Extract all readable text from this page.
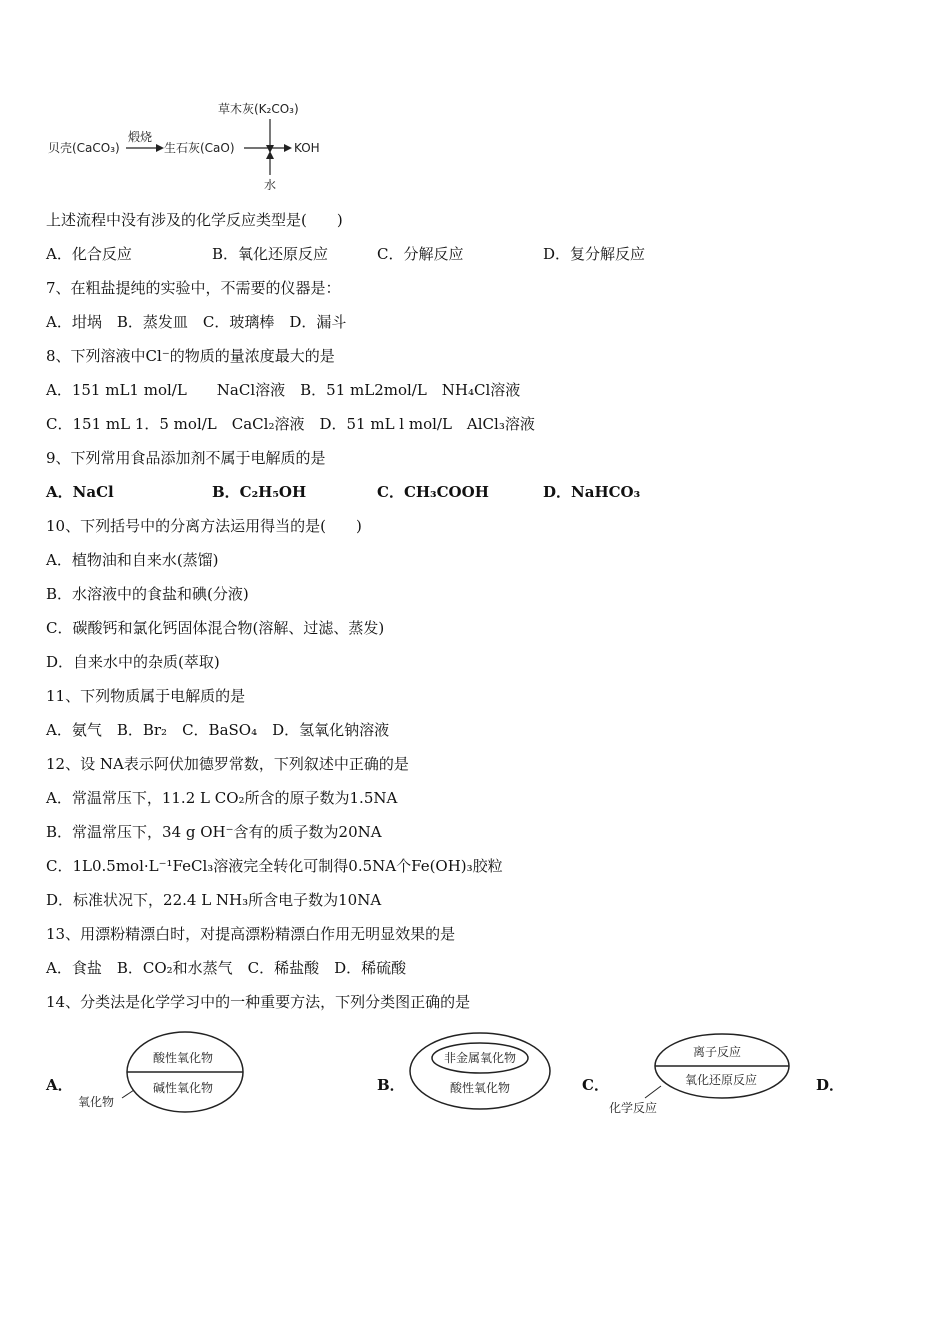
草木灰(K₂CO₃)
贝壳(CaCO₃)
煅烧
生石灰(CaO)	KOH
水
上述流程中没有涉及的化学反应类型是(　　)
A．化合反应	B．氧化还原反应	C．分解反应	D．复分解反应
7、在粗盐提纯的实验中，不需要的仪器是：
A．坩埚　B．蒸发皿　C．玻璃棒　D．漏斗
8、下列溶液中Cl⁻的物质的量浓度最大的是
A．151 mL1 mol/L　　NaCl溶液　B．51 mL2mol/L　NH₄Cl溶液
C．151 mL 1．5 mol/L　CaCl₂溶液　D．51 mL l mol/L　AlCl₃溶液
9、下列常用食品添加剂不属于电解质的是
A．NaCl	B．C₂H₅OH	C．CH₃COOH	D．NaHCO₃
10、下列括号中的分离方法运用得当的是(　　)
A．植物油和自来水(蒸馏)
B．水溶液中的食盐和碘(分液)
C．碳酸钙和氯化钙固体混合物(溶解、过滤、蒸发)
D．自来水中的杂质(萃取)
11、下列物质属于电解质的是
A．氨气　B．Br₂　C．BaSO₄　D．氢氧化钠溶液
12、设 NA表示阿伏加德罗常数，下列叙述中正确的是
A．常温常压下，11.2 L CO₂所含的原子数为1.5NA
B．常温常压下，34 g OH⁻含有的质子数为20NA
C．1L0.5mol·L⁻¹FeCl₃溶液完全转化可制得0.5NA个Fe(OH)₃胶粒
D．标准状况下，22.4 L NH₃所含电子数为10NA
13、用漂粉精漂白时，对提高漂粉精漂白作用无明显效果的是
A．食盐　B．CO₂和水蒸气　C．稀盐酸　D．稀硫酸
14、分类法是化学学习中的一种重要方法，下列分类图正确的是
A．
酸性氧化物
碱性氧化物
氧化物
B．
非金属氧化物
酸性氧化物	C．
离子反应
氧化还原反应
化学反应
D．
